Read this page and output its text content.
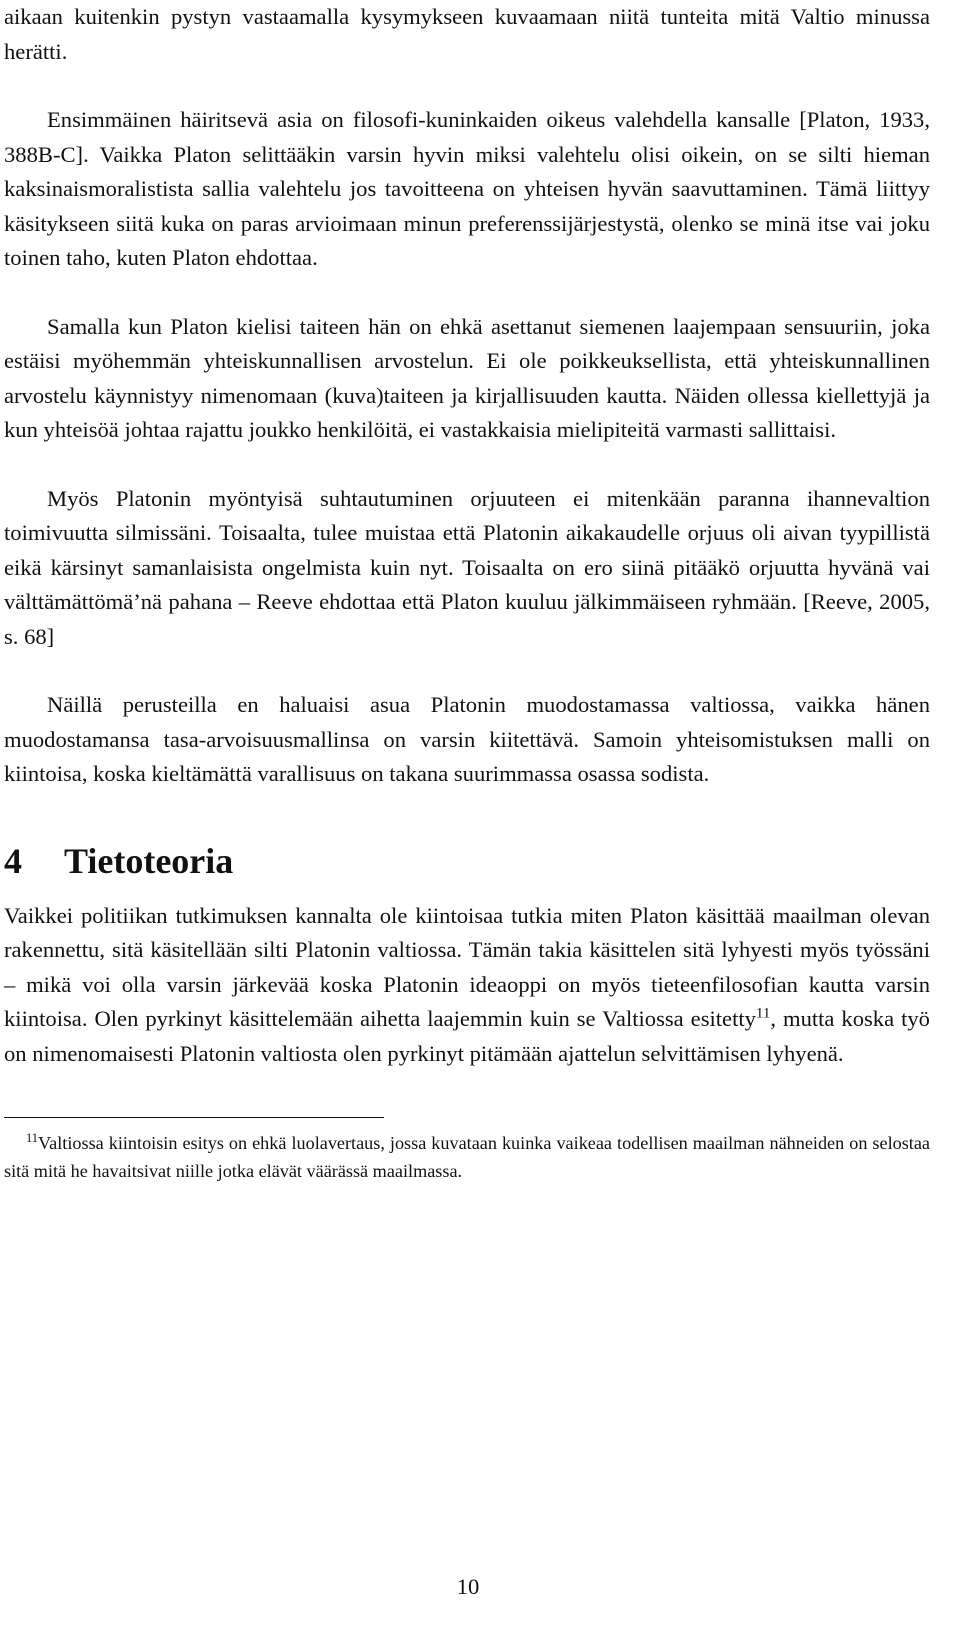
aikaan kuitenkin pystyn vastaamalla kysymykseen kuvaamaan niitä tunteita mitä Valtio minussa herätti.

Ensimmäinen häiritsevä asia on filosofi-kuninkaiden oikeus valehdella kansalle [Platon, 1933, 388B-C]. Vaikka Platon selittääkin varsin hyvin miksi valehtelu olisi oikein, on se silti hieman kaksinaismoralistista sallia valehtelu jos tavoitteena on yhteisen hyvän saavuttaminen. Tämä liittyy käsitykseen siitä kuka on paras arvioimaan minun preferenssijärjestystä, olenko se minä itse vai joku toinen taho, kuten Platon ehdottaa.

Samalla kun Platon kielisi taiteen hän on ehkä asettanut siemenen laajempaan sensuuriin, joka estäisi myöhemmän yhteiskunnallisen arvostelun. Ei ole poikkeuksellista, että yhteiskunnallinen arvostelu käynnistyy nimenomaan (kuva)taiteen ja kirjallisuuden kautta. Näiden ollessa kiellettyjä ja kun yhteisöä johtaa rajattu joukko henkilöitä, ei vastakkaisia mielipiteitä varmasti sallittaisi.

Myös Platonin myöntyisä suhtautuminen orjuuteen ei mitenkään paranna ihannevaltion toimivuutta silmissäni. Toisaalta, tulee muistaa että Platonin aikakaudelle orjuus oli aivan tyypillistä eikä kärsinyt samanlaisista ongelmista kuin nyt. Toisaalta on ero siinä pitääkö orjuutta hyvänä vai välttämättömä’nä pahana – Reeve ehdottaa että Platon kuuluu jälkimmäiseen ryhmään. [Reeve, 2005, s. 68]

Näillä perusteilla en haluaisi asua Platonin muodostamassa valtiossa, vaikka hänen muodostamansa tasa-arvoisuusmallinsa on varsin kiitettävä. Samoin yhteisomistuksen malli on kiintoisa, koska kieltämättä varallisuus on takana suurimmassa osassa sodista.

4 Tietoteoria

Vaikkei politiikan tutkimuksen kannalta ole kiintoisaa tutkia miten Platon käsittää maailman olevan rakennettu, sitä käsitellään silti Platonin valtiossa. Tämän takia käsittelen sitä lyhyesti myös työssäni – mikä voi olla varsin järkevää koska Platonin ideaoppi on myös tieteenfilosofian kautta varsin kiintoisa. Olen pyrkinyt käsittelemään aihetta laajemmin kuin se Valtiossa esitetty$^{11}$, mutta koska työ on nimenomaisesti Platonin valtiosta olen pyrkinyt pitämään ajattelun selvittämisen lyhyenä.

$^{11}$Valtiossa kiintoisin esitys on ehkä luolavertaus, jossa kuvataan kuinka vaikeaa todellisen maailman nähneiden on selostaa sitä mitä he havaitsivat niille jotka elävät väärässä maailmassa.

10
